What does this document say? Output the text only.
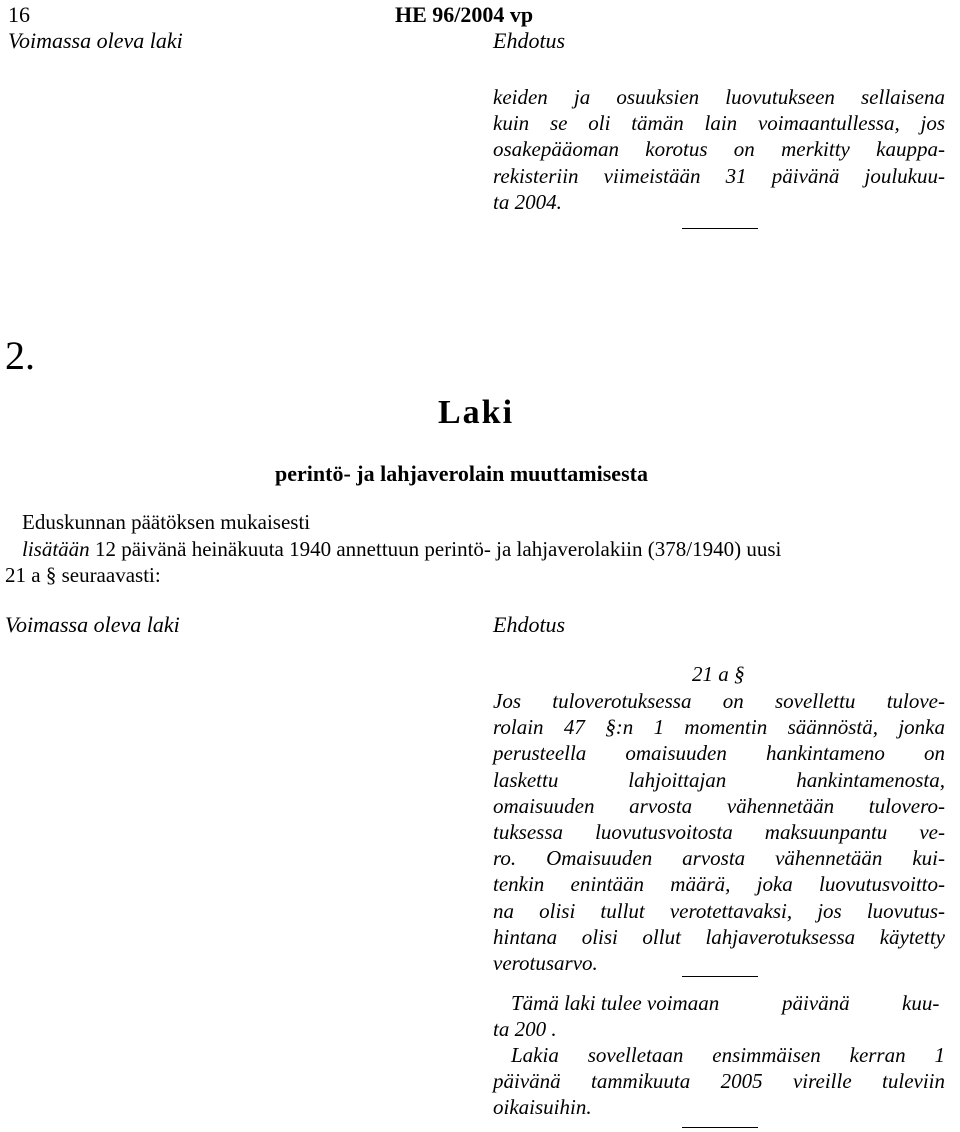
16	HE 96/2004 vp
Voimassa oleva laki	Ehdotus
keiden ja osuuksien luovutukseen sellaisena
kuin se oli tämän lain voimaantullessa, jos
osakepääoman korotus on merkitty kauppa-
rekisteriin viimeistään 31 päivänä joulukuu-
ta 2004.
2.
Laki
perintö- ja lahjaverolain muuttamisesta
Eduskunnan päätöksen mukaisesti
lisätään 12 päivänä heinäkuuta 1940 annettuun perintö- ja lahjaverolakiin (378/1940) uusi
21 a § seuraavasti:
Voimassa oleva laki	Ehdotus
21 a §
Jos tuloverotuksessa on sovellettu tulove-
rolain 47 §:n 1 momentin säännöstä, jonka
perusteella omaisuuden hankintameno on
laskettu lahjoittajan hankintamenosta,
omaisuuden arvosta vähennetään tulovero-
tuksessa luovutusvoitosta maksuunpantu ve-
ro. Omaisuuden arvosta vähennetään kui-
tenkin enintään määrä, joka luovutusvoitto-
na olisi tullut verotettavaksi, jos luovutus-
hintana olisi ollut lahjaverotuksessa käytetty
verotusarvo.
Tämä laki tulee voimaan	päivänä kuu-
ta 200 .
Lakia sovelletaan ensimmäisen kerran 1
päivänä tammikuuta 2005 vireille tuleviin
oikaisuihin.
